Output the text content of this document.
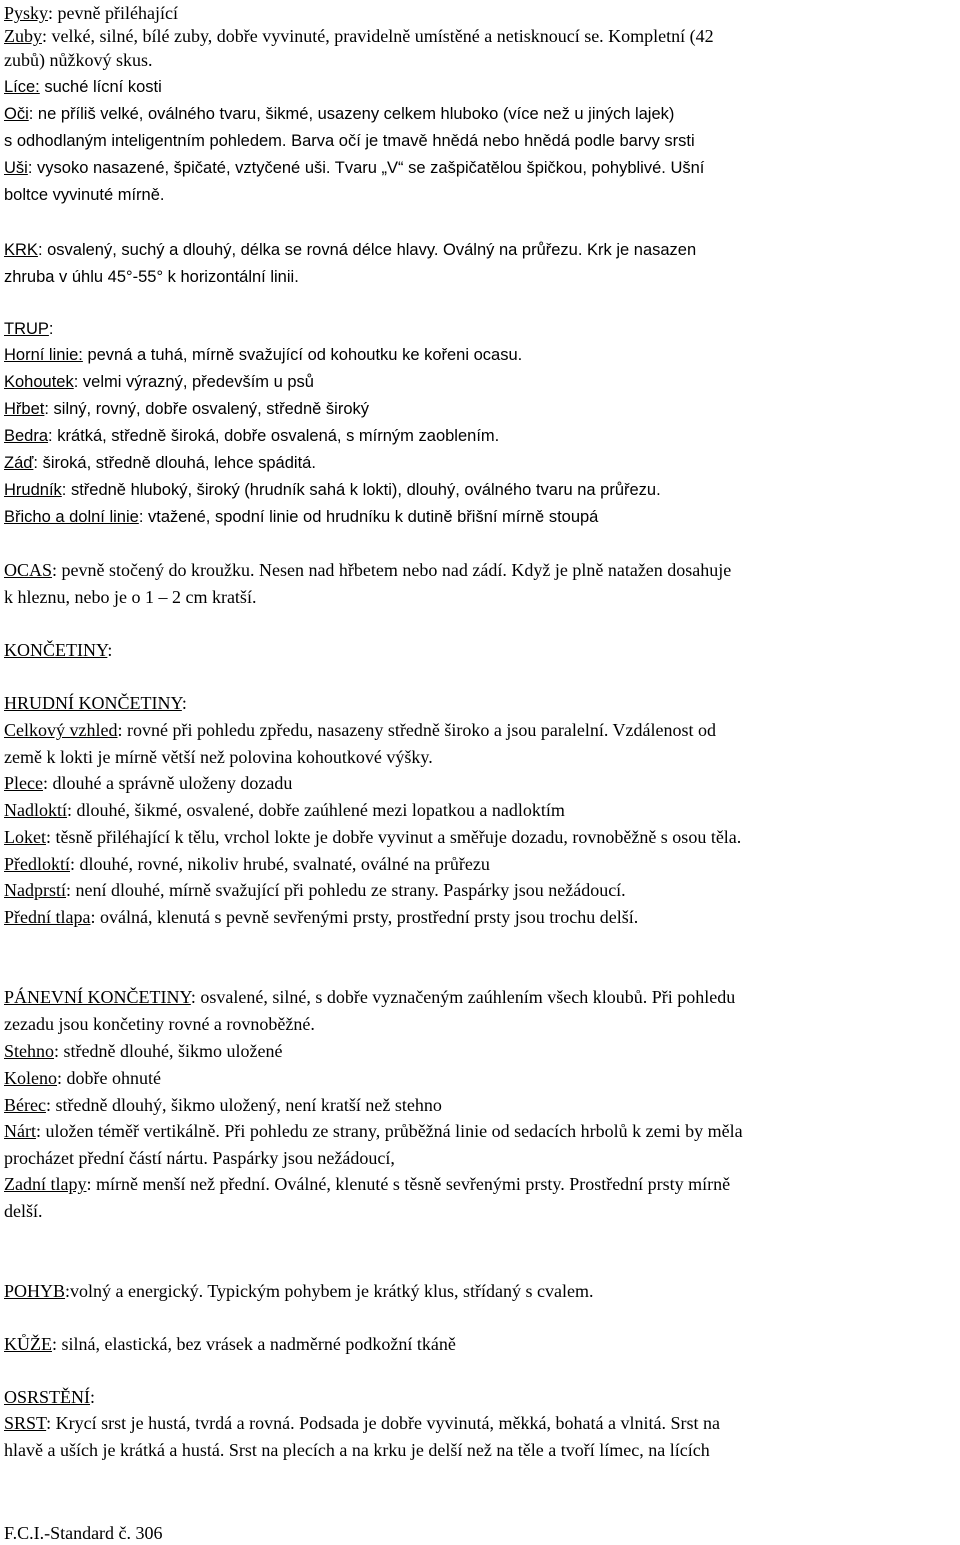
Pysky: pevně přiléhající
Zuby: velké, silné, bílé zuby, dobře vyvinuté, pravidelně umístěné a netisknoucí se. Kompletní (42
zubů) nůžkový skus.
Líce: suché lícní kosti
Oči: ne příliš velké, oválného tvaru, šikmé, usazeny celkem hluboko (více než u jiných lajek)
s odhodlaným inteligentním pohledem. Barva očí je tmavě hnědá nebo hnědá podle barvy srsti
Uši: vysoko nasazené, špičaté, vztyčené uši. Tvaru „V“ se zašpičatělou špičkou, pohyblivé. Ušní
boltce vyvinuté mírně.
KRK: osvalený, suchý a dlouhý, délka se rovná délce hlavy. Oválný na průřezu. Krk je nasazen
zhruba v úhlu 45°-55° k horizontální linii.
TRUP:
Horní linie: pevná a tuhá, mírně svažující od kohoutku ke kořeni ocasu.
Kohoutek: velmi výrazný, především u psů
Hřbet: silný, rovný, dobře osvalený, středně široký
Bedra: krátká, středně široká, dobře osvalená, s mírným zaoblením.
Záď: široká, středně dlouhá, lehce spáditá.
Hrudník: středně hluboký, široký (hrudník sahá k lokti), dlouhý, oválného tvaru na průřezu.
Břicho a dolní linie: vtažené, spodní linie od hrudníku k dutině břišní mírně stoupá
OCAS: pevně stočený do kroužku. Nesen nad hřbetem nebo nad zádí. Když je plně natažen dosahuje
k hleznu, nebo je o 1 – 2 cm kratší.
KONČETINY:
HRUDNÍ KONČETINY:
Celkový vzhled: rovné při pohledu zpředu, nasazeny středně široko a jsou paralelní. Vzdálenost od
země k lokti je mírně větší než polovina kohoutkové výšky.
Plece: dlouhé a správně uloženy dozadu
Nadloktí: dlouhé, šikmé, osvalené, dobře zaúhlené mezi lopatkou a nadloktím
Loket: těsně přiléhající k tělu, vrchol lokte je dobře vyvinut a směřuje dozadu, rovnoběžně s osou těla.
Předloktí: dlouhé, rovné, nikoliv hrubé, svalnaté, oválné na průřezu
Nadprstí: není dlouhé, mírně svažující při pohledu ze strany. Paspárky jsou nežádoucí.
Přední tlapa: oválná, klenutá s pevně sevřenými prsty, prostřední prsty jsou trochu delší.
PÁNEVNÍ KONČETINY: osvalené, silné, s dobře vyznačeným zaúhlením všech kloubů. Při pohledu
zezadu jsou končetiny rovné a rovnoběžné.
Stehno: středně dlouhé, šikmo uložené
Koleno: dobře ohnuté
Bérec: středně dlouhý, šikmo uložený, není kratší než stehno
Nárt: uložen téměř vertikálně. Při pohledu ze strany, průběžná linie od sedacích hrbolů k zemi by měla
procházet přední částí nártu. Paspárky jsou nežádoucí,
Zadní tlapy: mírně menší než přední. Oválné, klenuté s těsně sevřenými prsty. Prostřední prsty mírně
delší.
POHYB:volný a energický. Typickým pohybem je krátký klus, střídaný s cvalem.
KŮŽE: silná, elastická, bez vrásek a nadměrné podkožní tkáně
OSRSTĚNÍ:
SRST: Krycí srst je hustá, tvrdá a rovná. Podsada je dobře vyvinutá, měkká, bohatá a vlnitá. Srst na
hlavě a uších je krátká a hustá. Srst na plecích a na krku je delší než na těle a tvoří límec, na lících
F.C.I.-Standard č. 306
